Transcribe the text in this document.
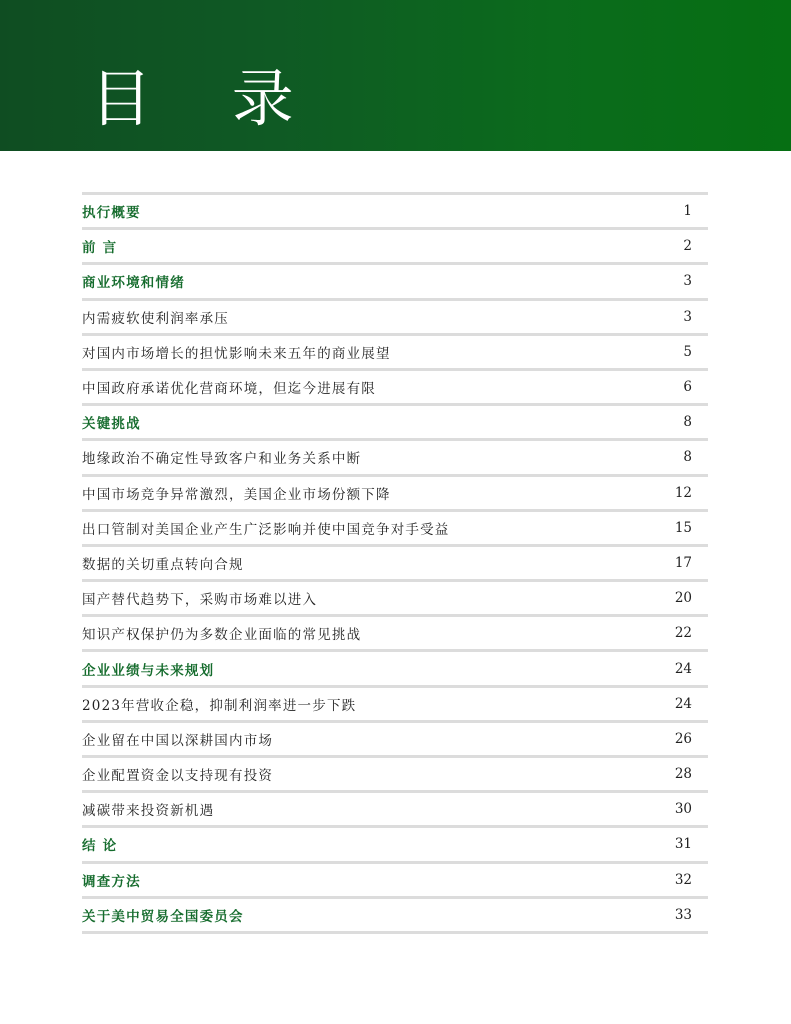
目 录
执行概要	1
前 言	2
商业环境和情绪	3
内需疲软使利润率承压	3
对国内市场增长的担忧影响未来五年的商业展望	5
中国政府承诺优化营商环境，但迄今进展有限	6
关键挑战	8
地缘政治不确定性导致客户和业务关系中断	8
中国市场竞争异常激烈，美国企业市场份额下降	12
出口管制对美国企业产生广泛影响并使中国竞争对手受益	15
数据的关切重点转向合规	17
国产替代趋势下，采购市场难以进入	20
知识产权保护仍为多数企业面临的常见挑战	22
企业业绩与未来规划	24
2023年营收企稳，抑制利润率进一步下跌	24
企业留在中国以深耕国内市场	26
企业配置资金以支持现有投资	28
减碳带来投资新机遇	30
结 论	31
调查方法	32
关于美中贸易全国委员会	33
